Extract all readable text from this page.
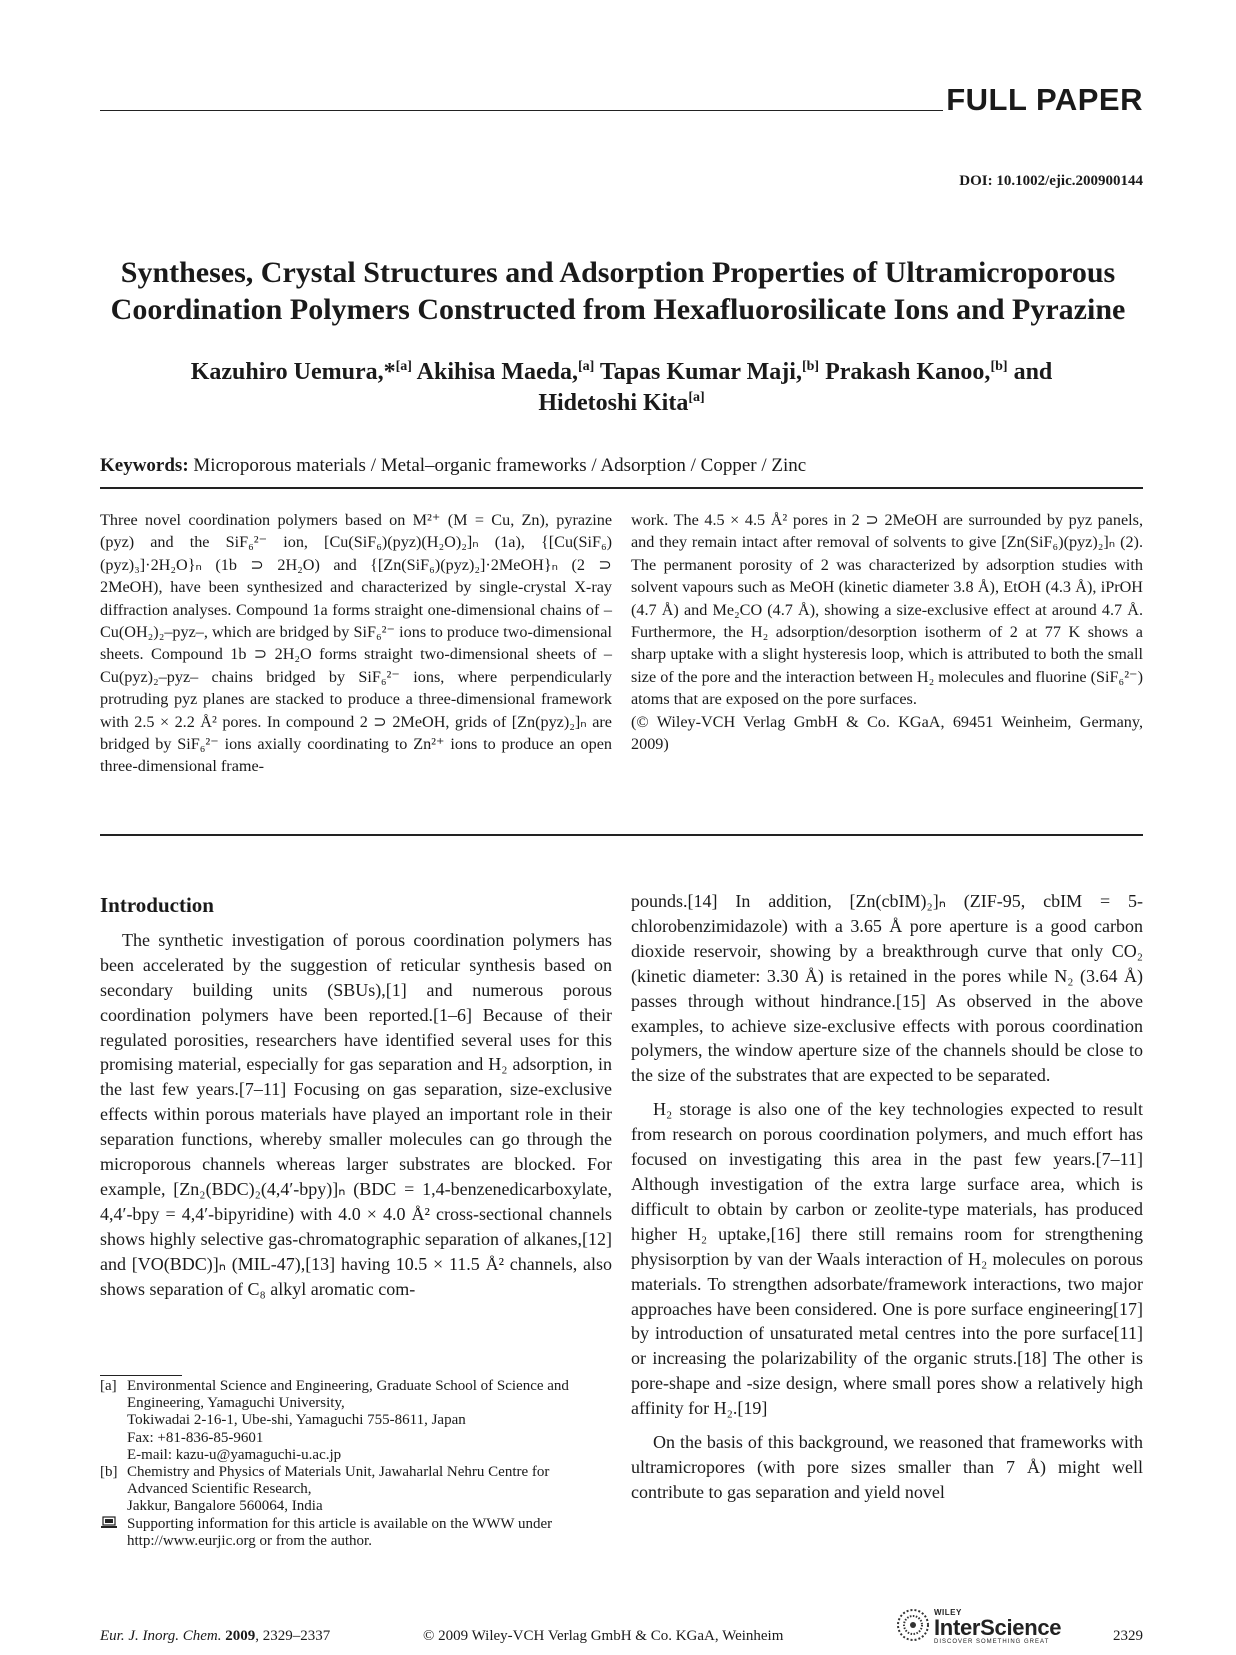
FULL PAPER
DOI: 10.1002/ejic.200900144
Syntheses, Crystal Structures and Adsorption Properties of Ultramicroporous
Coordination Polymers Constructed from Hexafluorosilicate Ions and Pyrazine
Kazuhiro Uemura,*[a] Akihisa Maeda,[a] Tapas Kumar Maji,[b] Prakash Kanoo,[b] and
Hidetoshi Kita[a]
Keywords: Microporous materials / Metal–organic frameworks / Adsorption / Copper / Zinc

Three novel coordination polymers based on M²⁺ (M = Cu, Zn), pyrazine (pyz) and the SiF₆²⁻ ion, [Cu(SiF₆)(pyz)(H₂O)₂]ₙ (1a), {[Cu(SiF₆)(pyz)₃]·2H₂O}ₙ (1b ⊃ 2H₂O) and {[Zn(SiF₆)(pyz)₂]·2MeOH}ₙ (2 ⊃ 2MeOH), have been synthesized and characterized by single-crystal X-ray diffraction analyses. Compound 1a forms straight one-dimensional chains of –Cu(OH₂)₂–pyz–, which are bridged by SiF₆²⁻ ions to produce two-dimensional sheets. Compound 1b ⊃ 2H₂O forms straight two-dimensional sheets of –Cu(pyz)₂–pyz– chains bridged by SiF₆²⁻ ions, where perpendicularly protruding pyz planes are stacked to produce a three-dimensional framework with 2.5 × 2.2 Å² pores. In compound 2 ⊃ 2MeOH, grids of [Zn(pyz)₂]ₙ are bridged by SiF₆²⁻ ions axially coordinating to Zn²⁺ ions to produce an open three-dimensional frame-

work. The 4.5 × 4.5 Å² pores in 2 ⊃ 2MeOH are surrounded by pyz panels, and they remain intact after removal of solvents to give [Zn(SiF₆)(pyz)₂]ₙ (2). The permanent porosity of 2 was characterized by adsorption studies with solvent vapours such as MeOH (kinetic diameter 3.8 Å), EtOH (4.3 Å), iPrOH (4.7 Å) and Me₂CO (4.7 Å), showing a size-exclusive effect at around 4.7 Å. Furthermore, the H₂ adsorption/desorption isotherm of 2 at 77 K shows a sharp uptake with a slight hysteresis loop, which is attributed to both the small size of the pore and the interaction between H₂ molecules and fluorine (SiF₆²⁻) atoms that are exposed on the pore surfaces.

(© Wiley-VCH Verlag GmbH & Co. KGaA, 69451 Weinheim, Germany, 2009)

Introduction

The synthetic investigation of porous coordination polymers has been accelerated by the suggestion of reticular synthesis based on secondary building units (SBUs),[1] and numerous porous coordination polymers have been reported.[1–6] Because of their regulated porosities, researchers have identified several uses for this promising material, especially for gas separation and H₂ adsorption, in the last few years.[7–11] Focusing on gas separation, size-exclusive effects within porous materials have played an important role in their separation functions, whereby smaller molecules can go through the microporous channels whereas larger substrates are blocked. For example, [Zn₂(BDC)₂(4,4′-bpy)]ₙ (BDC = 1,4-benzenedicarboxylate, 4,4′-bpy = 4,4′-bipyridine) with 4.0 × 4.0 Å² cross-sectional channels shows highly selective gas-chromatographic separation of alkanes,[12] and [VO(BDC)]ₙ (MIL-47),[13] having 10.5 × 11.5 Å² channels, also shows separation of C₈ alkyl aromatic com-

[a] Environmental Science and Engineering, Graduate School of Science and Engineering, Yamaguchi University,
Tokiwadai 2-16-1, Ube-shi, Yamaguchi 755-8611, Japan
Fax: +81-836-85-9601
E-mail: kazu-u@yamaguchi-u.ac.jp
[b] Chemistry and Physics of Materials Unit, Jawaharlal Nehru Centre for Advanced Scientific Research,
Jakkur, Bangalore 560064, India
Supporting information for this article is available on the WWW under http://www.eurjic.org or from the author.

pounds.[14] In addition, [Zn(cbIM)₂]ₙ (ZIF-95, cbIM = 5-chlorobenzimidazole) with a 3.65 Å pore aperture is a good carbon dioxide reservoir, showing by a breakthrough curve that only CO₂ (kinetic diameter: 3.30 Å) is retained in the pores while N₂ (3.64 Å) passes through without hindrance.[15] As observed in the above examples, to achieve size-exclusive effects with porous coordination polymers, the window aperture size of the channels should be close to the size of the substrates that are expected to be separated.

H₂ storage is also one of the key technologies expected to result from research on porous coordination polymers, and much effort has focused on investigating this area in the past few years.[7–11] Although investigation of the extra large surface area, which is difficult to obtain by carbon or zeolite-type materials, has produced higher H₂ uptake,[16] there still remains room for strengthening physisorption by van der Waals interaction of H₂ molecules on porous materials. To strengthen adsorbate/framework interactions, two major approaches have been considered. One is pore surface engineering[17] by introduction of unsaturated metal centres into the pore surface[11] or increasing the polarizability of the organic struts.[18] The other is pore-shape and -size design, where small pores show a relatively high affinity for H₂.[19]

On the basis of this background, we reasoned that frameworks with ultramicropores (with pore sizes smaller than 7 Å) might well contribute to gas separation and yield novel

Eur. J. Inorg. Chem. 2009, 2329–2337	© 2009 Wiley-VCH Verlag GmbH & Co. KGaA, Weinheim
WILEY
InterScience
DISCOVER SOMETHING GREAT	2329
